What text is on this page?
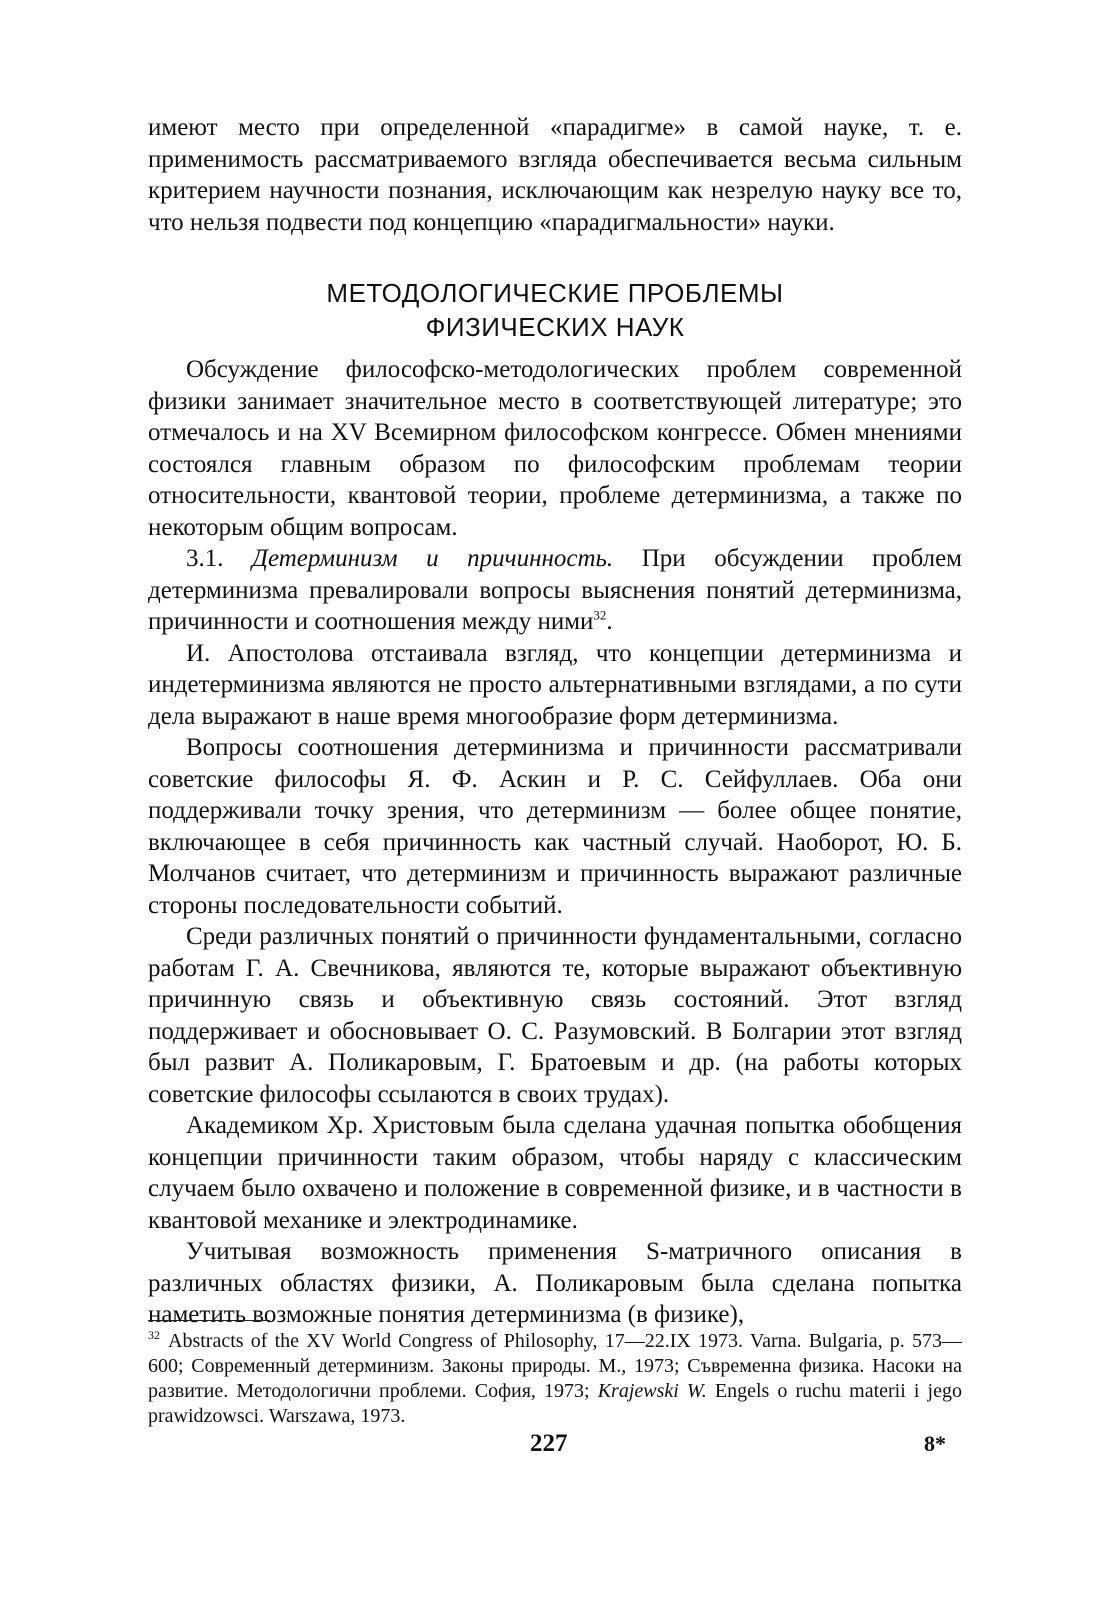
имеют место при определенной «парадигме» в самой науке, т. е. применимость рассматриваемого взгляда обеспечивается весьма сильным критерием научности познания, исключающим как незрелую науку все то, что нельзя подвести под концепцию «парадигмальности» науки.

МЕТОДОЛОГИЧЕСКИЕ ПРОБЛЕМЫ
ФИЗИЧЕСКИХ НАУК

Обсуждение философско-методологических проблем современной физики занимает значительное место в соответствующей литературе; это отмечалось и на XV Всемирном философском конгрессе. Обмен мнениями состоялся главным образом по философским проблемам теории относительности, квантовой теории, проблеме детерминизма, а также по некоторым общим вопросам.

3.1. Детерминизм и причинность. При обсуждении проблем детерминизма превалировали вопросы выяснения понятий детерминизма, причинности и соотношения между ними$^{32}$.

И. Апостолова отстаивала взгляд, что концепции детерминизма и индетерминизма являются не просто альтернативными взглядами, а по сути дела выражают в наше время многообразие форм детерминизма.

Вопросы соотношения детерминизма и причинности рассматривали советские философы Я. Ф. Аскин и Р. С. Сейфуллаев. Оба они поддерживали точку зрения, что детерминизм — более общее понятие, включающее в себя причинность как частный случай. Наоборот, Ю. Б. Молчанов считает, что детерминизм и причинность выражают различные стороны последовательности событий.

Среди различных понятий о причинности фундаментальными, согласно работам Г. А. Свечникова, являются те, которые выражают объективную причинную связь и объективную связь состояний. Этот взгляд поддерживает и обосновывает О. С. Разумовский. В Болгарии этот взгляд был развит А. Поликаровым, Г. Братоевым и др. (на работы которых советские философы ссылаются в своих трудах).

Академиком Хр. Христовым была сделана удачная попытка обобщения концепции причинности таким образом, чтобы наряду с классическим случаем было охвачено и положение в современной физике, и в частности в квантовой механике и электродинамике.

Учитывая возможность применения S-матричного описания в различных областях физики, А. Поликаровым была сделана попытка наметить возможные понятия детерминизма (в физике),

$^{32}$ Abstracts of the XV World Congress of Philosophy, 17—22.IX 1973. Varna. Bulgaria, p. 573—600; Современный детерминизм. Законы природы. М., 1973; Съвременна физика. Насоки на развитие. Методологични проблеми. София, 1973; Krajewski W. Engels o ruchu materii i jego prawidzowsci. Warszawa, 1973.
227	8*
